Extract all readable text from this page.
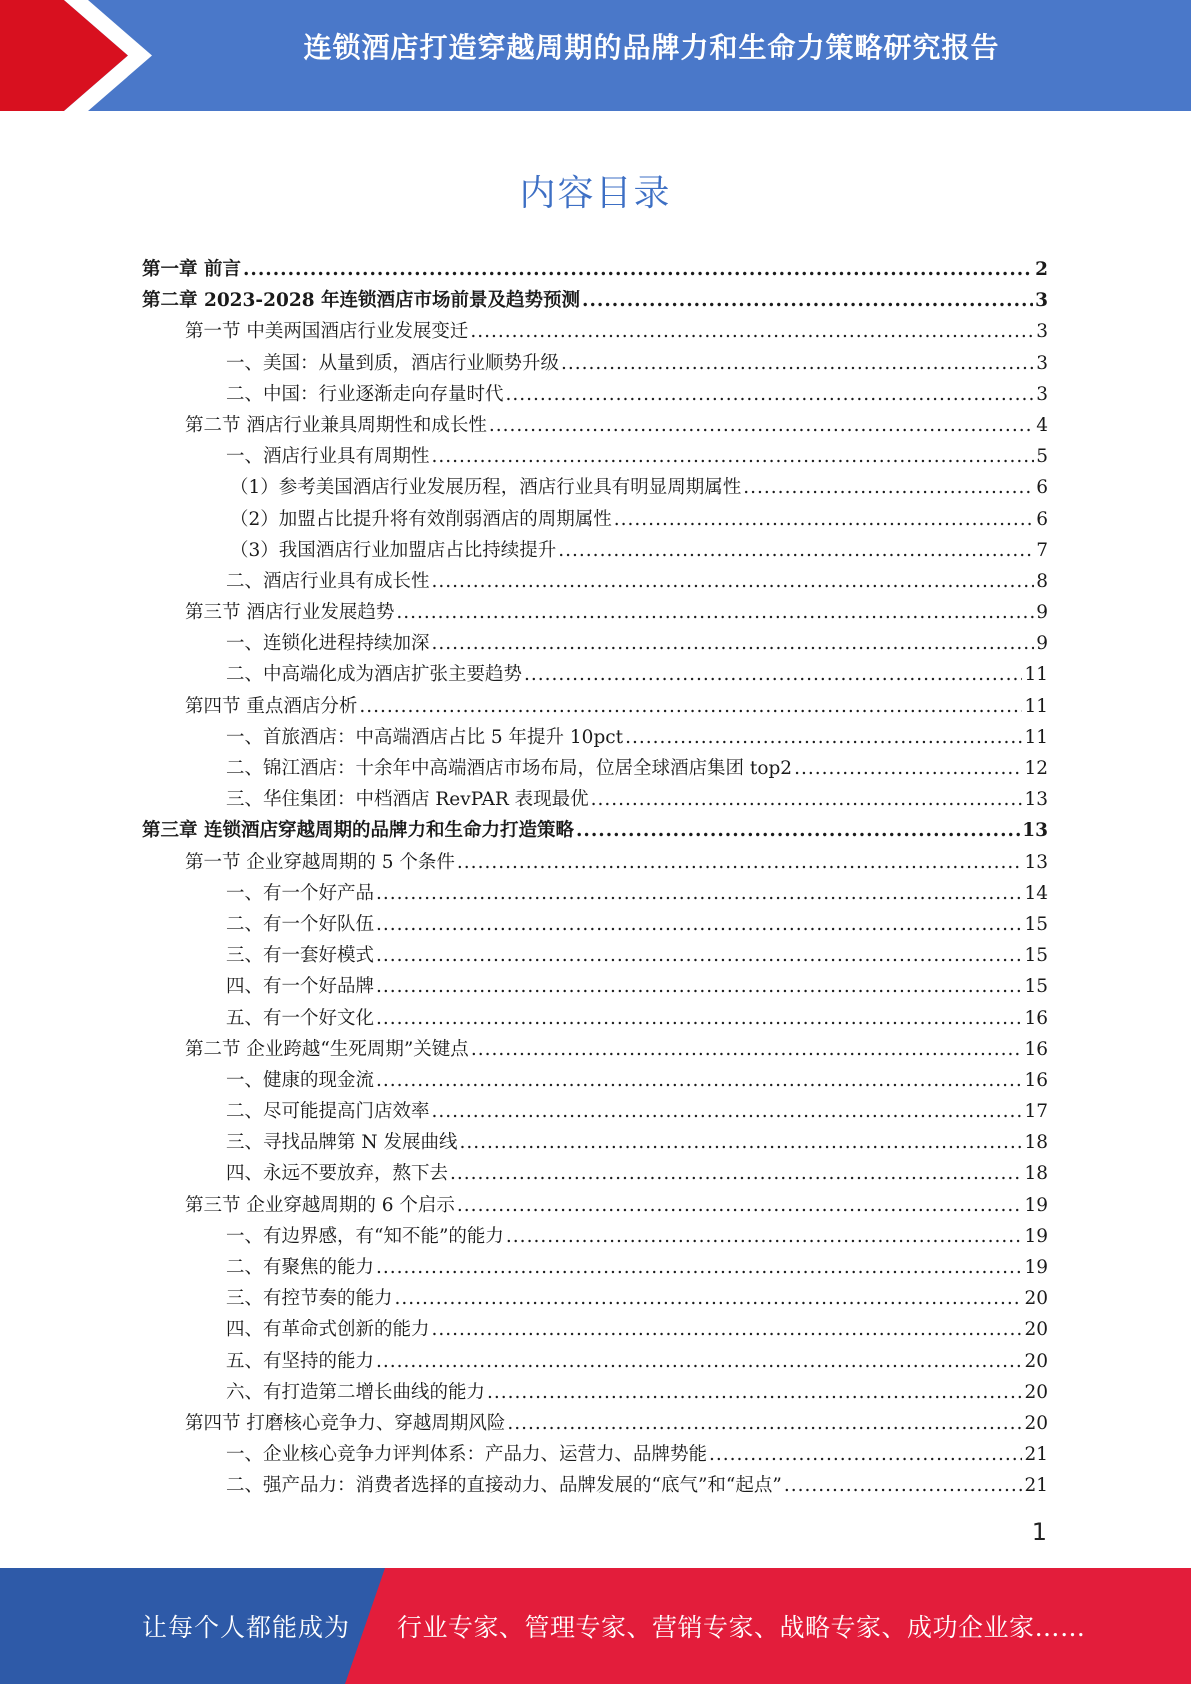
连锁酒店打造穿越周期的品牌力和生命力策略研究报告
内容目录
第一章 前言 .....	2
第二章 2023-2028 年连锁酒店市场前景及趋势预测 .....	3
第一节 中美两国酒店行业发展变迁 .....	3
一、美国：从量到质，酒店行业顺势升级 .....	3
二、中国：行业逐渐走向存量时代 .....	3
第二节 酒店行业兼具周期性和成长性 .....	4
一、酒店行业具有周期性 .....	5
（1）参考美国酒店行业发展历程，酒店行业具有明显周期属性 .....	6
（2）加盟占比提升将有效削弱酒店的周期属性 .....	6
（3）我国酒店行业加盟店占比持续提升 .....	7
二、酒店行业具有成长性 .....	8
第三节 酒店行业发展趋势 .....	9
一、连锁化进程持续加深 .....	9
二、中高端化成为酒店扩张主要趋势 .....	11
第四节 重点酒店分析 .....	11
一、首旅酒店：中高端酒店占比 5 年提升 10pct .....	11
二、锦江酒店：十余年中高端酒店市场布局，位居全球酒店集团 top2 .....	12
三、华住集团：中档酒店 RevPAR 表现最优 .....	13
第三章 连锁酒店穿越周期的品牌力和生命力打造策略 .....	13
第一节 企业穿越周期的 5 个条件 .....	13
一、有一个好产品 .....	14
二、有一个好队伍 .....	15
三、有一套好模式 .....	15
四、有一个好品牌 .....	15
五、有一个好文化 .....	16
第二节 企业跨越“生死周期”关键点 .....	16
一、健康的现金流 .....	16
二、尽可能提高门店效率 .....	17
三、寻找品牌第 N 发展曲线 .....	18
四、永远不要放弃，熬下去 .....	18
第三节 企业穿越周期的 6 个启示 .....	19
一、有边界感，有“知不能”的能力 .....	19
二、有聚焦的能力 .....	19
三、有控节奏的能力 .....	20
四、有革命式创新的能力 .....	20
五、有坚持的能力 .....	20
六、有打造第二增长曲线的能力 .....	20
第四节 打磨核心竞争力、穿越周期风险 .....	20
一、企业核心竞争力评判体系：产品力、运营力、品牌势能 .....	21
二、强产品力：消费者选择的直接动力、品牌发展的“底气”和“起点” .....	21
1
让每个人都能成为 行业专家、管理专家、营销专家、战略专家、成功企业家……
